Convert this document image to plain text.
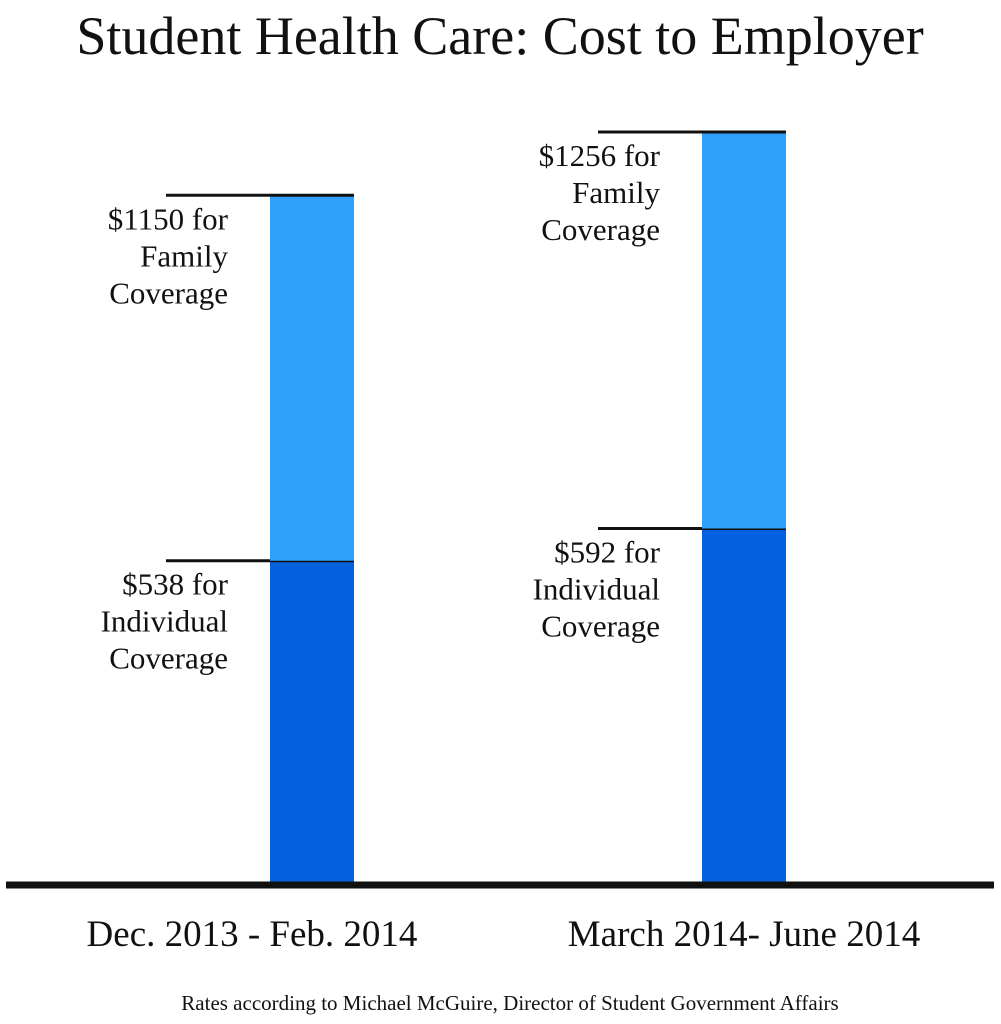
Student Health Care: Cost to Employer
$538 for
Individual
Coverage
$1150 for
Family
Coverage
$592 for
Individual
Coverage
$1256 for
Family
Coverage
Dec. 2013 - Feb. 2014	March 2014- June 2014
Rates according to Michael McGuire, Director of Student Government Affairs
